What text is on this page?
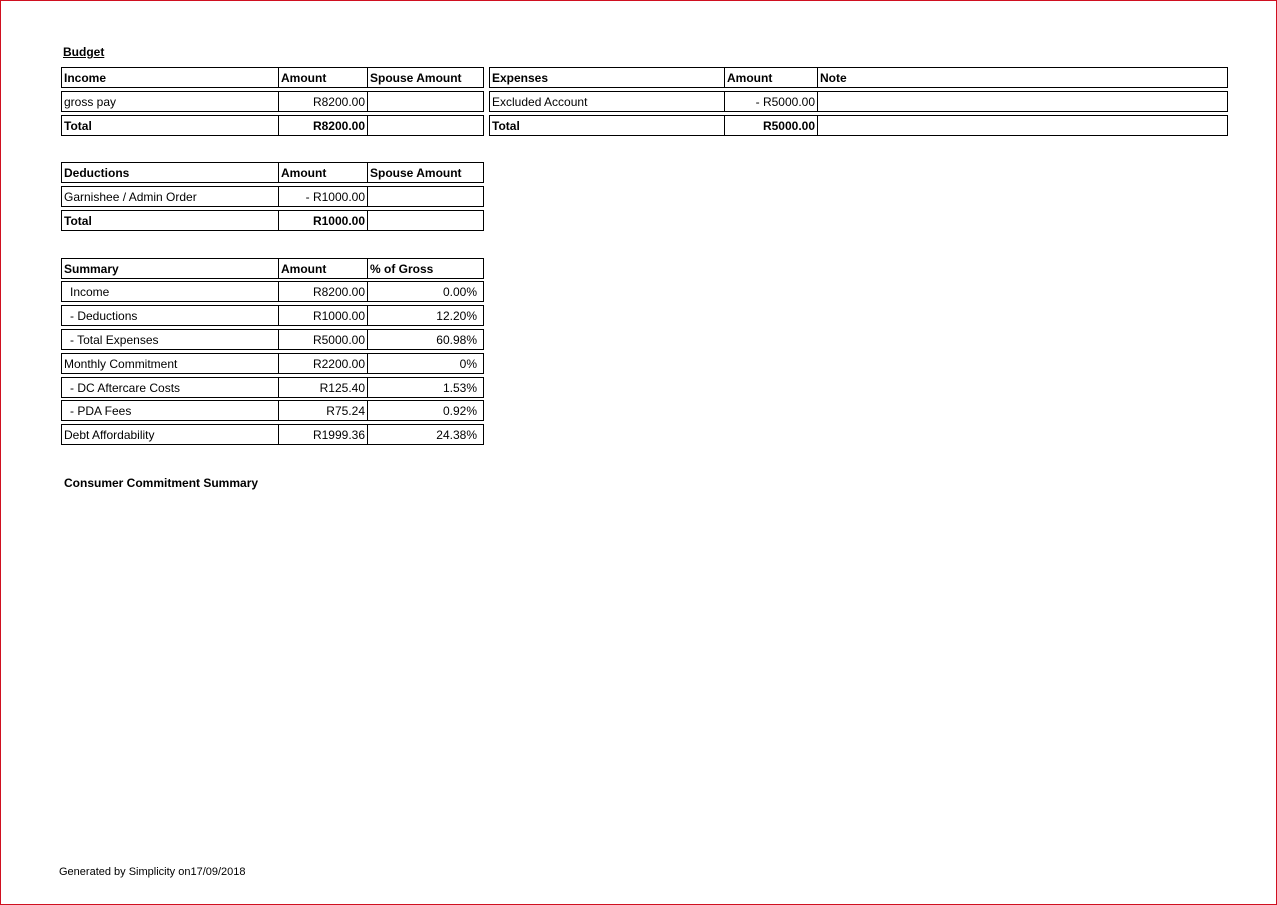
Budget
Income	Amount	Spouse Amount
gross pay	R8200.00
Total	R8200.00
Expenses	Amount	Note
Excluded Account	- R5000.00
Total	R5000.00
Deductions	Amount	Spouse Amount
Garnishee / Admin Order	- R1000.00
Total	R1000.00
Summary	Amount	% of Gross
Income	R8200.00	0.00%
- Deductions	R1000.00	12.20%
- Total Expenses	R5000.00	60.98%
Monthly Commitment	R2200.00	0%
- DC Aftercare Costs	R125.40	1.53%
- PDA Fees	R75.24	0.92%
Debt Affordability	R1999.36	24.38%
Consumer Commitment Summary
Generated by Simplicity on17/09/2018
